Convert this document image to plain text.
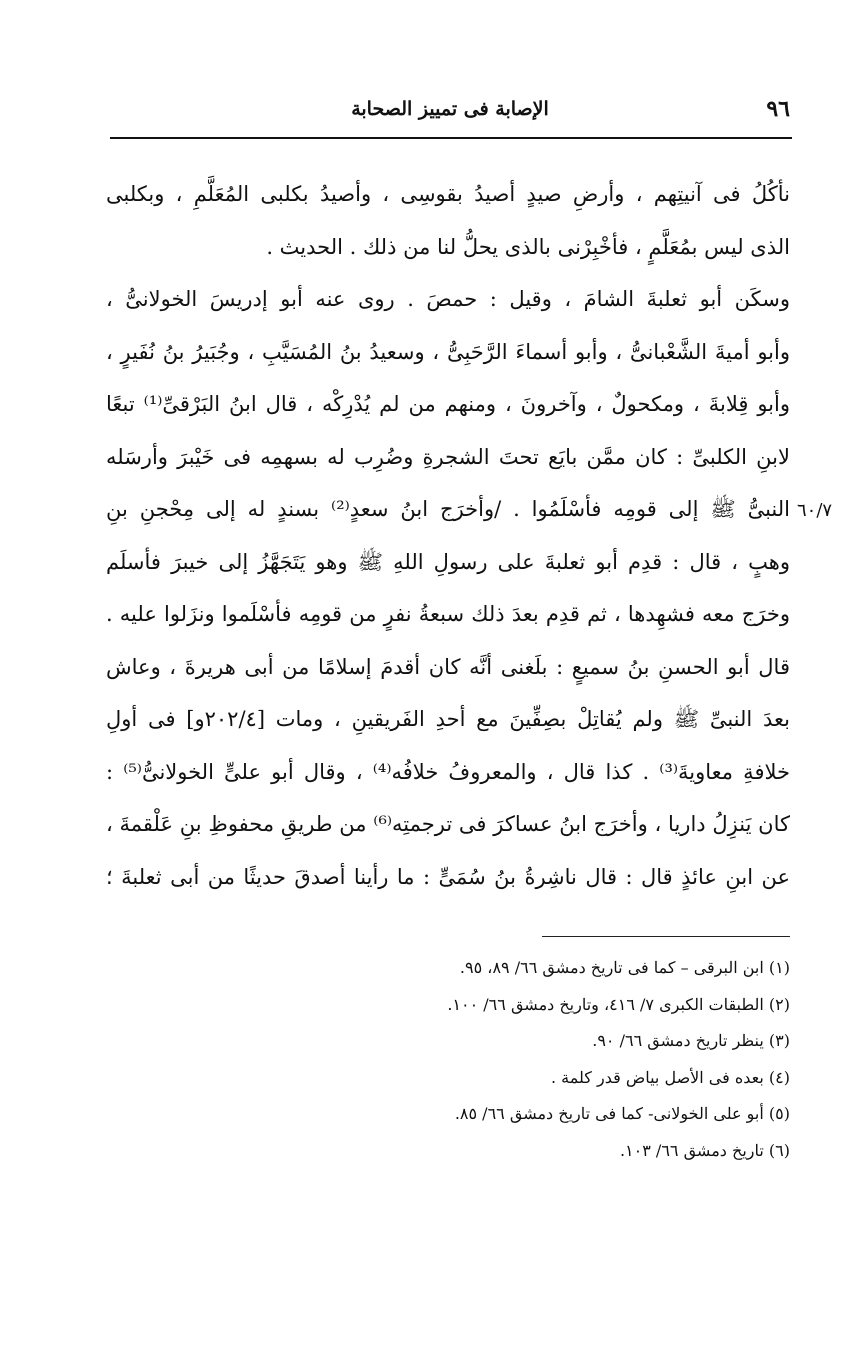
٩٦
الإصابة فى تمييز الصحابة
نأكُلُ فى آنيتِهم ، وأرضِ صيدٍ أصيدُ بقوسِى ، وأصيدُ بكلبى المُعَلَّمِ ، وبكلبى
الذى ليس بمُعَلَّمٍ ، فأخْبِرْنى بالذى يحلُّ لنا من ذلك . الحديث .
وسكَن أبو ثعلبةَ الشامَ ، وقيل : حمصَ . روى عنه أبو إدريسَ الخولانىُّ ،
وأبو أميةَ الشَّعْبانىُّ ، وأبو أسماءَ الرَّحَبِىُّ ، وسعيدُ بنُ المُسَيَّبِ ، وجُبَيرُ بنُ نُفَيرٍ ،
وأبو قِلابةَ ، ومكحولٌ ، وآخرونَ ، ومنهم من لم يُدْرِكْه ، قال ابنُ البَرْقىِّ⁽¹⁾ تبعًا
لابنِ الكلبىِّ : كان ممَّن بايَع تحتَ الشجرةِ وضُرِب له بسهمِه فى خَيْبرَ وأرسَله
النبىُّ ﷺ إلى قومِه فأسْلَمُوا . /وأخرَج ابنُ سعدٍ⁽²⁾ بسندٍ له إلى مِحْجنِ بنِ
وهبٍ ، قال : قدِم أبو ثعلبةَ على رسولِ اللهِ ﷺ وهو يَتَجَهَّزُ إلى خيبرَ فأسلَم
وخرَج معه فشهِدها ، ثم قدِم بعدَ ذلك سبعةُ نفرٍ من قومِه فأسْلَموا ونزَلوا عليه .
قال أبو الحسنِ بنُ سميعٍ : بلَغنى أنَّه كان أقدمَ إسلامًا من أبى هريرةَ ، وعاش
بعدَ النبىِّ ﷺ ولم يُقاتِلْ بصِفِّينَ مع أحدِ الفَريقينِ ، ومات [٢٠٢/٤و] فى أولِ
خلافةِ معاويةَ⁽³⁾ . كذا قال ، والمعروفُ خلافُه⁽⁴⁾ ، وقال أبو علىٍّ الخولانىُّ⁽⁵⁾ :
كان يَنزِلُ داريا ، وأخرَج ابنُ عساكرَ فى ترجمتِه⁽⁶⁾ من طريقِ محفوظِ بنِ عَلْقمةَ ،
عن ابنِ عائذٍ قال : قال ناشِرةُ بنُ سُمَىٍّ : ما رأينا أصدقَ حديثًا من أبى ثعلبةَ ؛
٦٠/٧
(١) ابن البرقى – كما فى تاريخ دمشق ٦٦/ ٨٩، ٩٥.
(٢) الطبقات الكبرى ٧/ ٤١٦، وتاريخ دمشق ٦٦/ ١٠٠.
(٣) ينظر تاريخ دمشق ٦٦/ ٩٠.
(٤) بعده فى الأصل بياض قدر كلمة .
(٥) أبو على الخولانى- كما فى تاريخ دمشق ٦٦/ ٨٥.
(٦) تاريخ دمشق ٦٦/ ١٠٣.
